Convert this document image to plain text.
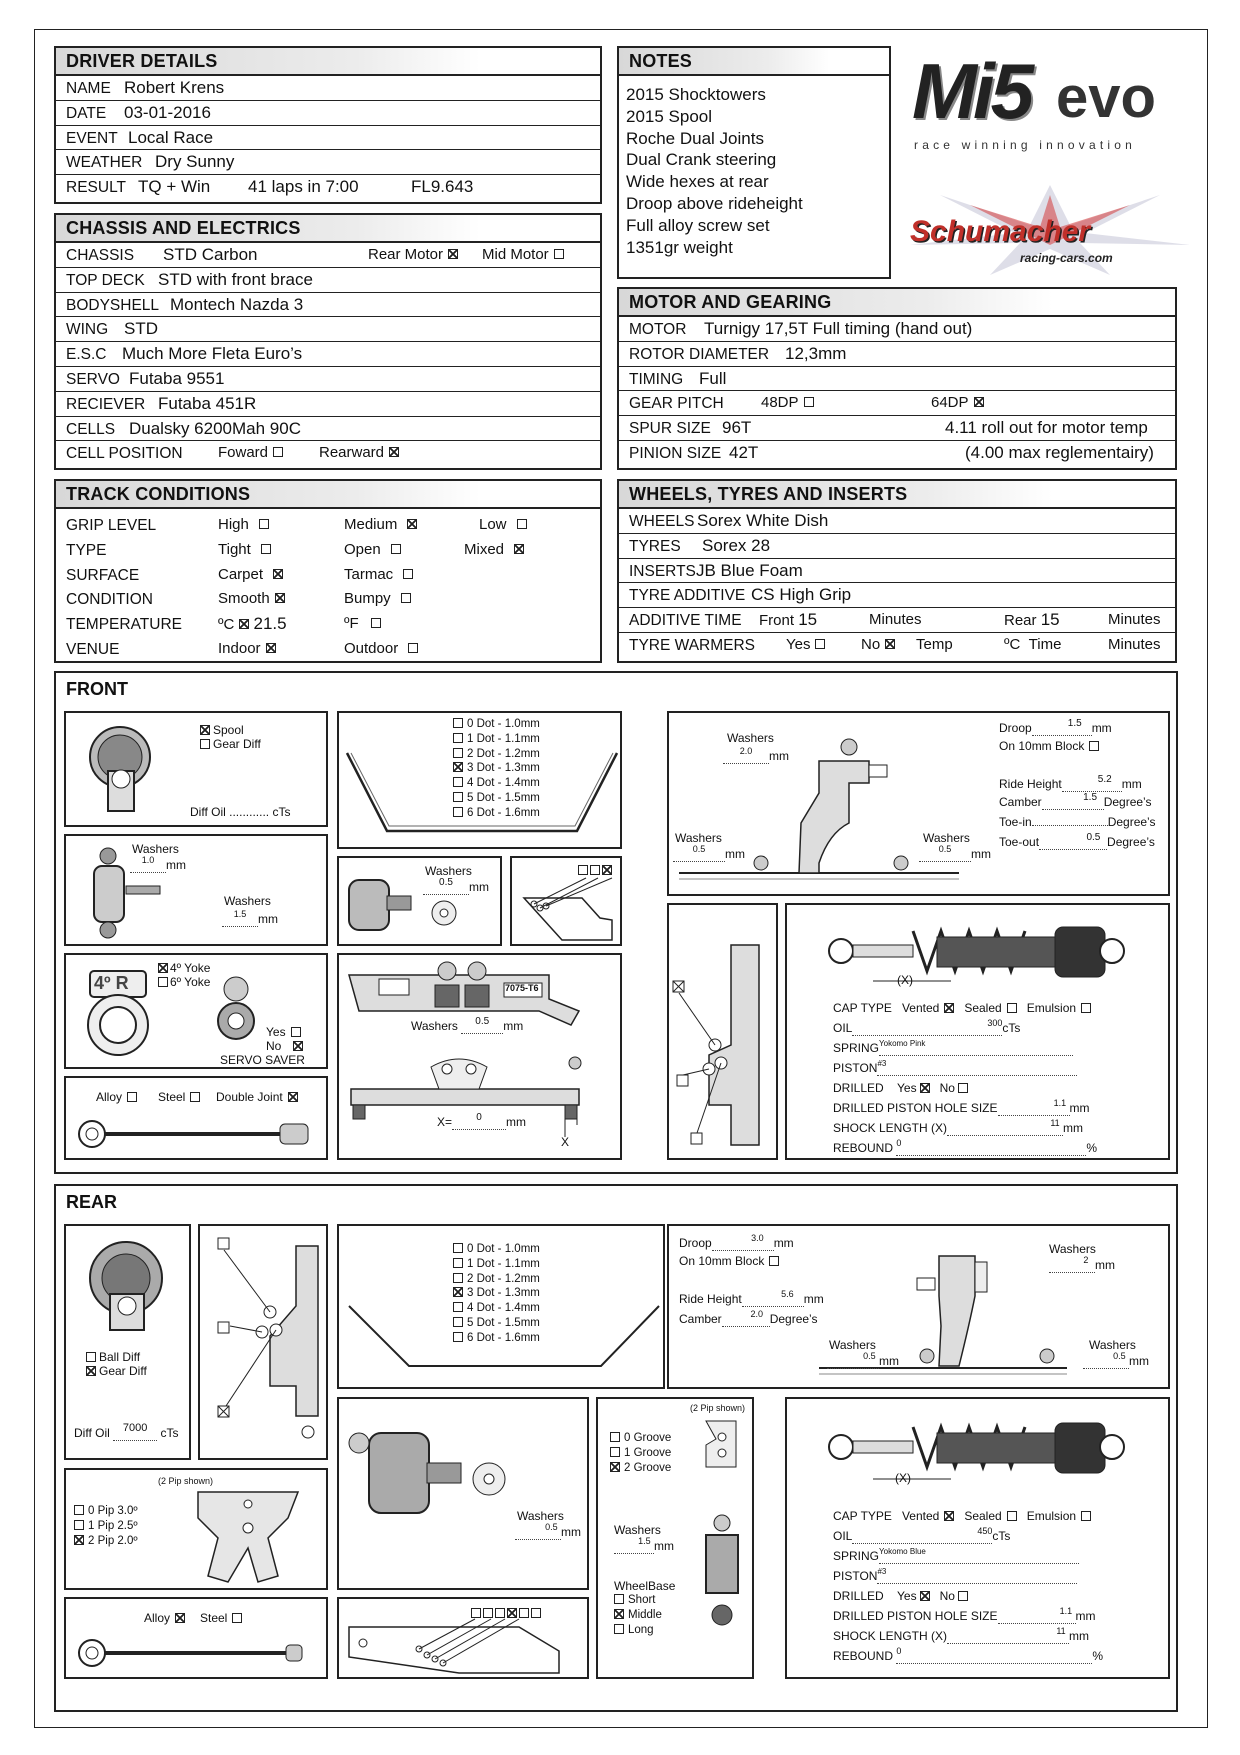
DRIVER DETAILS
NAME Robert Krens
DATE 03-01-2016
EVENT Local Race
WEATHER Dry Sunny
RESULT TQ + Win 41 laps in 7:00	FL9.643
NOTES
2015 Shocktowers
2015 Spool
Roche Dual Joints
Dual Crank steering
Wide hexes at rear
Droop above rideheight
Full alloy screw set
1351gr weight
Mi5 evo
race winning innovation
Schumacher
racing-cars.com
CHASSIS AND ELECTRICS
CHASSIS STD Carbon	Rear Motor	Mid Motor
TOP DECK STD with front brace
BODYSHELL Montech Nazda 3
WING STD
E.S.C Much More Fleta Euro’s
SERVO Futaba 9551
RECIEVER Futaba 451R
CELLS Dualsky 6200Mah 90C
CELL POSITION Foward	Rearward
MOTOR AND GEARING
MOTOR Turnigy 17,5T Full timing (hand out)
ROTOR DIAMETER 12,3mm
TIMING Full
GEAR PITCH 48DP	64DP
SPUR SIZE 96T	4.11 roll out for motor temp
PINION SIZE 42T	(4.00 max reglementairy)
TRACK CONDITIONS
GRIP LEVEL	High	Medium	Low
TYPE	Tight	Open	Mixed
SURFACE	Carpet	Tarmac
CONDITION	Smooth	Bumpy
TEMPERATURE ºC 21.5	ºF
VENUE	Indoor	Outdoor
WHEELS, TYRES AND INSERTS
WHEELS Sorex White Dish
TYRES Sorex 28
INSERTS JB Blue Foam
TYRE ADDITIVE CS High Grip
ADDITIVE TIME Front 15	Minutes	Rear 15	Minutes
TYRE WARMERS Yes	No	Temp	ºC Time	Minutes
FRONT
Spool
Gear Diff
Diff Oil ............ cTs
0 Dot - 1.0mm
1 Dot - 1.1mm
2 Dot - 1.2mm
3 Dot - 1.3mm
4 Dot - 1.4mm
5 Dot - 1.5mm
6 Dot - 1.6mm
Washers
$^{1.0}$ mm
Washers
$^{1.5}$ mm
4º R
4º Yoke
6º Yoke
Yes
No
SERVO SAVER
Alloy	Steel	Double Joint
Washers
$^{0.5}$ mm
7075-T6
Washers $^{0.5}$ mm
X= $^0$ mm
X
Washers
$^{2.0}$ mm
Washers
$^{0.5}$ mm
Washers
$^{0.5}$ mm
Droop	$^{1.5}$ mm
On 10mm Block
Ride Height	$^{5.2}$ mm
Camber	$^{1.5}$ Degree’s
Toe-in	Degree’s
Toe-out	$^{0.5}$ Degree’s
(X)
CAP TYPE Vented Sealed Emulsion
OIL	$^{300}$cTs
$SPRING^{Yokomo Pink}$
PISTON$^{\#3}$
DRILLED Yes No
DRILLED PISTON HOLE SIZE	$^{1.1}$ mm
SHOCK LENGTH (X)	$^{11}$ mm
REBOUND $^0$	%
REAR
Ball Diff
Gear Diff
Diff Oil 7000 cTs
0 Dot - 1.0mm
1 Dot - 1.1mm
2 Dot - 1.2mm
3 Dot - 1.3mm
4 Dot - 1.4mm
5 Dot - 1.5mm
6 Dot - 1.6mm
Droop	$^{3.0}$ mm
On 10mm Block
Ride Height	$^{5.6}$ mm
Camber	$^{2.0}$ Degree’s
Washers
$^2$ mm
Washers
$^{0.5}$ mm
Washers
$^{0.5}$ mm
(2 Pip shown)
0 Pip 3.0º
1 Pip 2.5º
2 Pip 2.0º
Alloy	Steel
Washers
$^{0.5}$ mm
(2 Pip shown)
0 Groove
1 Groove
2 Groove
Washers
$^{1.5}$ mm
WheelBase
Short
Middle
Long
(X)
CAP TYPE Vented Sealed Emulsion
OIL	$^{450}$cTs
$SPRING^{Yokomo Blue}$
PISTON$^{\#3}$
DRILLED Yes No
DRILLED PISTON HOLE SIZE	$^{1.1}$ mm
SHOCK LENGTH (X)	$^{11}$ mm
REBOUND $^0$	%
